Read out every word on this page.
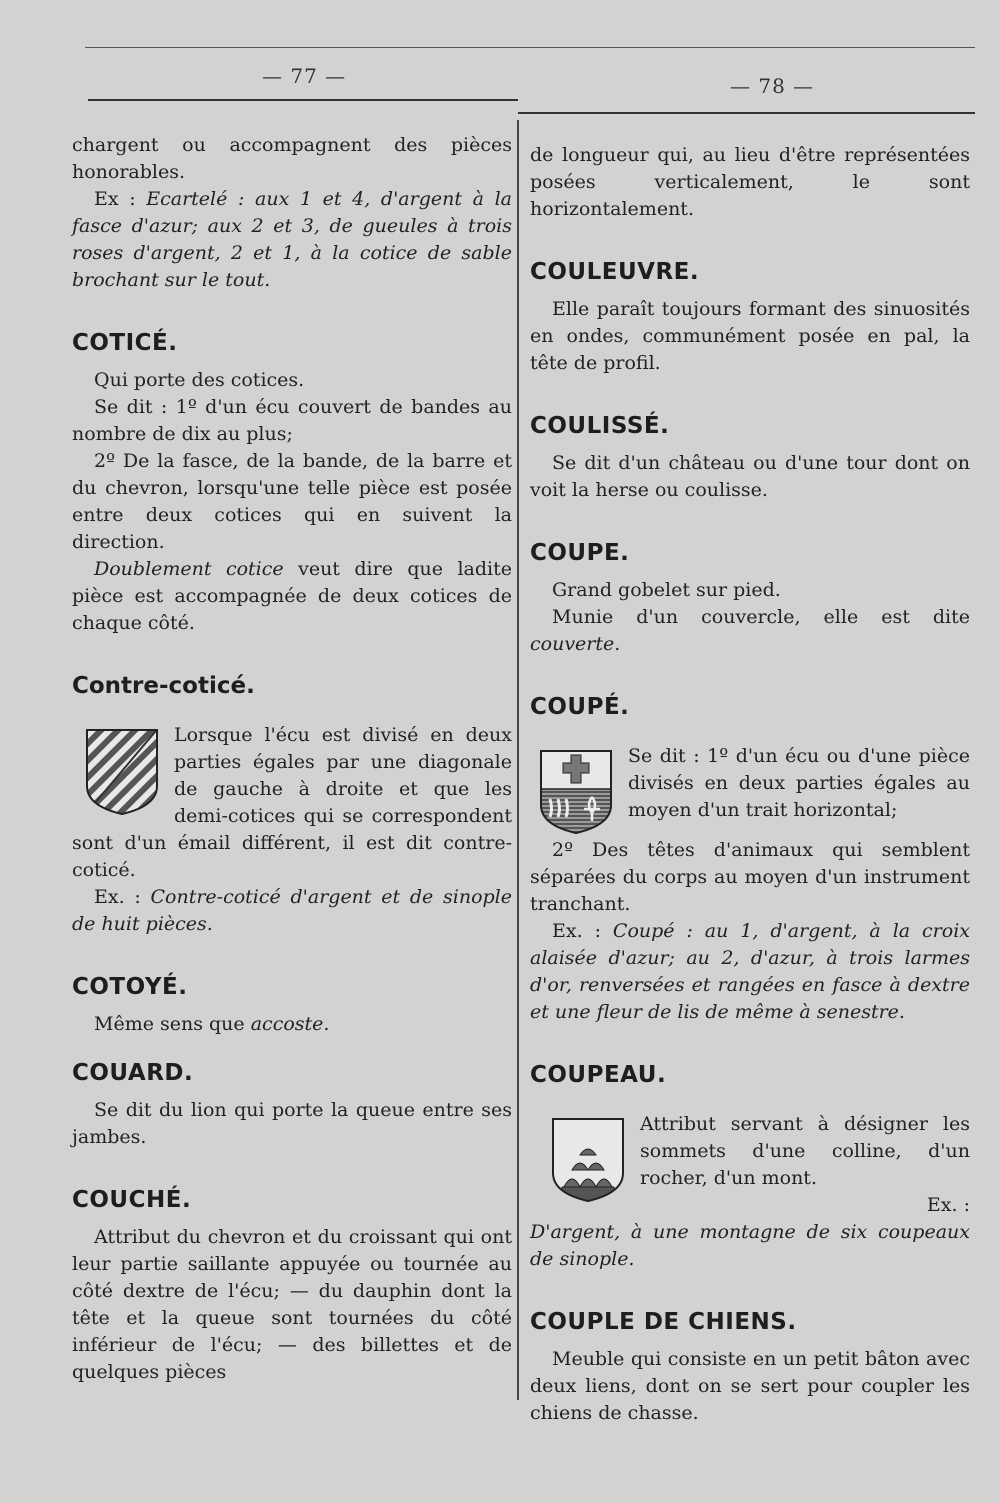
— 77 —	— 78 —

chargent ou accompagnent des pièces honorables.

Ex : Ecartelé : aux 1 et 4, d'argent à la fasce d'azur; aux 2 et 3, de gueules à trois roses d'argent, 2 et 1, à la cotice de sable brochant sur le tout.

COTICÉ.

Qui porte des cotices.

Se dit : 1º d'un écu couvert de bandes au nombre de dix au plus;

2º De la fasce, de la bande, de la barre et du chevron, lorsqu'une telle pièce est posée entre deux cotices qui en suivent la direction.

Doublement cotice veut dire que ladite pièce est accompagnée de deux cotices de chaque côté.

Contre-coticé.

Lorsque l'écu est divisé en deux parties égales par une diagonale de gauche à droite et que les demi-cotices qui se correspondent sont d'un émail différent, il est dit contre-coticé.

Ex. : Contre-coticé d'argent et de sinople de huit pièces.

COTOYÉ.

Même sens que accoste.

COUARD.

Se dit du lion qui porte la queue entre ses jambes.

COUCHÉ.

Attribut du chevron et du croissant qui ont leur partie saillante appuyée ou tournée au côté dextre de l'écu; — du dauphin dont la tête et la queue sont tournées du côté inférieur de l'écu; — des billettes et de quelques pièces

de longueur qui, au lieu d'être représentées posées verticalement, le sont horizontalement.

COULEUVRE.

Elle paraît toujours formant des sinuosités en ondes, communément posée en pal, la tête de profil.

COULISSÉ.

Se dit d'un château ou d'une tour dont on voit la herse ou coulisse.

COUPE.

Grand gobelet sur pied.

Munie d'un couvercle, elle est dite couverte.

COUPÉ.

Se dit : 1º d'un écu ou d'une pièce divisés en deux parties égales au moyen d'un trait horizontal;

2º Des têtes d'animaux qui semblent séparées du corps au moyen d'un instrument tranchant.

Ex. : Coupé : au 1, d'argent, à la croix alaisée d'azur; au 2, d'azur, à trois larmes d'or, renversées et rangées en fasce à dextre et une fleur de lis de même à senestre.

COUPEAU.

Attribut servant à désigner les sommets d'une colline, d'un rocher, d'un mont.

Ex. :

D'argent, à une montagne de six coupeaux de sinople.

COUPLE DE CHIENS.

Meuble qui consiste en un petit bâton avec deux liens, dont on se sert pour coupler les chiens de chasse.
